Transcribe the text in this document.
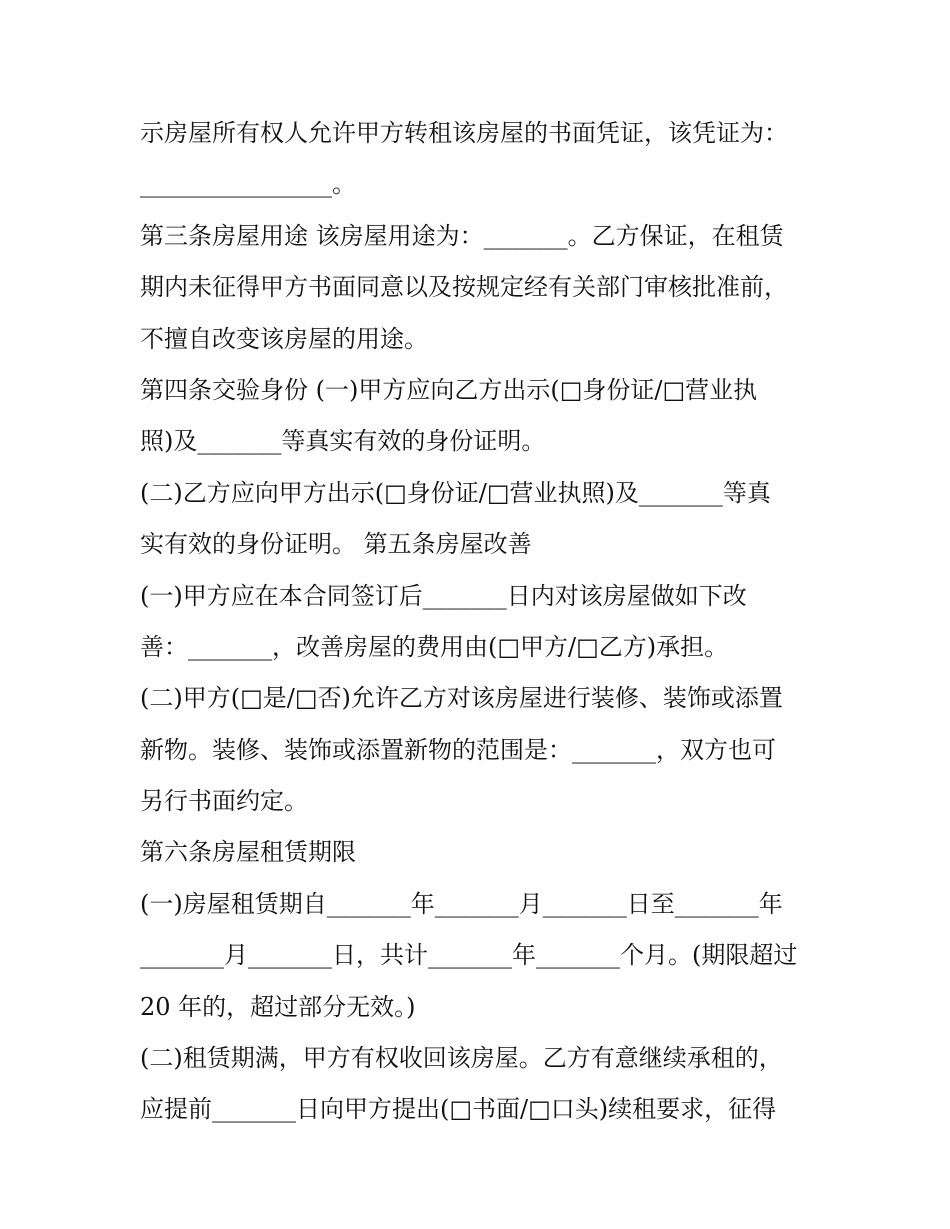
示房屋所有权人允许甲方转租该房屋的书面凭证，该凭证为：

________________。

第三条房屋用途 该房屋用途为：_______。乙方保证，在租赁

期内未征得甲方书面同意以及按规定经有关部门审核批准前，

不擅自改变该房屋的用途。

第四条交验身份 (一)甲方应向乙方出示(□身份证/□营业执

照)及_______等真实有效的身份证明。

(二)乙方应向甲方出示(□身份证/□营业执照)及_______等真

实有效的身份证明。 第五条房屋改善

(一)甲方应在本合同签订后_______日内对该房屋做如下改

善：_______，改善房屋的费用由(□甲方/□乙方)承担。

(二)甲方(□是/□否)允许乙方对该房屋进行装修、装饰或添置

新物。装修、装饰或添置新物的范围是：_______，双方也可

另行书面约定。

第六条房屋租赁期限

(一)房屋租赁期自_______年_______月_______日至_______年

_______月_______日，共计_______年_______个月。(期限超过

20 年的，超过部分无效。)

(二)租赁期满，甲方有权收回该房屋。乙方有意继续承租的，

应提前_______日向甲方提出(□书面/□口头)续租要求，征得
